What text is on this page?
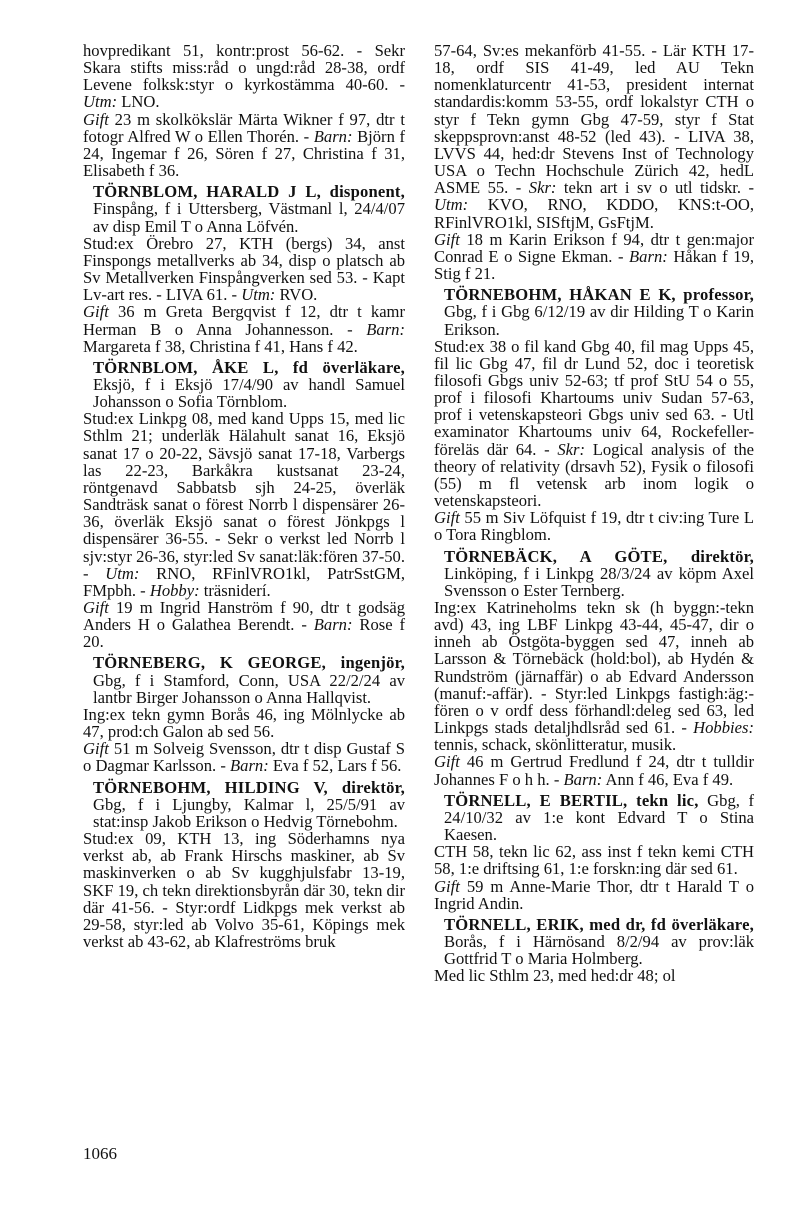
hovpredikant 51, kontr:prost 56-62. - Sekr Skara stifts miss:råd o ungd:råd 28-38, ordf Levene folksk:styr o kyrkostämma 40-60. - Utm: LNO.

Gift 23 m skolkökslär Märta Wikner f 97, dtr t fotogr Alfred W o Ellen Thorén. - Barn: Björn f 24, Ingemar f 26, Sören f 27, Christina f 31, Elisabeth f 36.

TÖRNBLOM, HARALD J L, disponent, Finspång, f i Uttersberg, Västmanl l, 24/4/07 av disp Emil T o Anna Löfvén.

Stud:ex Örebro 27, KTH (bergs) 34, anst Finspongs metallverks ab 34, disp o platsch ab Sv Metallverken Finspångverken sed 53. - Kapt Lv-art res. - LIVA 61. - Utm: RVO.

Gift 36 m Greta Bergqvist f 12, dtr t kamr Herman B o Anna Johannesson. - Barn: Margareta f 38, Christina f 41, Hans f 42.

TÖRNBLOM, ÅKE L, fd överläkare, Eksjö, f i Eksjö 17/4/90 av handl Samuel Johansson o Sofia Törnblom.

Stud:ex Linkpg 08, med kand Upps 15, med lic Sthlm 21; underläk Hälahult sanat 16, Eksjö sanat 17 o 20-22, Sävsjö sanat 17-18, Varbergs las 22-23, Barkåkra kustsanat 23-24, röntgenavd Sabbatsb sjh 24-25, överläk Sandträsk sanat o förest Norrb l dispensärer 26-36, överläk Eksjö sanat o förest Jönkpgs l dispensärer 36-55. - Sekr o verkst led Norrb l sjv:styr 26-36, styr:led Sv sanat:läk:fören 37-50. - Utm: RNO, RFinlVRO1kl, PatrSstGM, FMpbh. - Hobby: träsniderí.

Gift 19 m Ingrid Hanström f 90, dtr t godsäg Anders H o Galathea Berendt. - Barn: Rose f 20.

TÖRNEBERG, K GEORGE, ingenjör, Gbg, f i Stamford, Conn, USA 22/2/24 av lantbr Birger Johansson o Anna Hallqvist.

Ing:ex tekn gymn Borås 46, ing Mölnlycke ab 47, prod:ch Galon ab sed 56.

Gift 51 m Solveig Svensson, dtr t disp Gustaf S o Dagmar Karlsson. - Barn: Eva f 52, Lars f 56.

TÖRNEBOHM, HILDING V, direktör, Gbg, f i Ljungby, Kalmar l, 25/5/91 av stat:insp Jakob Erikson o Hedvig Törnebohm.

Stud:ex 09, KTH 13, ing Söderhamns nya verkst ab, ab Frank Hirschs maskiner, ab Sv maskinverken o ab Sv kugghjulsfabr 13-19, SKF 19, ch tekn direktionsbyrån där 30, tekn dir där 41-56. - Styr:ordf Lidkpgs mek verkst ab 29-58, styr:led ab Volvo 35-61, Köpings mek verkst ab 43-62, ab Klafreströms bruk

57-64, Sv:es mekanförb 41-55. - Lär KTH 17-18, ordf SIS 41-49, led AU Tekn nomenklaturcentr 41-53, president internat standardis:komm 53-55, ordf lokalstyr CTH o styr f Tekn gymn Gbg 47-59, styr f Stat skeppsprovn:anst 48-52 (led 43). - LIVA 38, LVVS 44, hed:dr Stevens Inst of Technology USA o Techn Hochschule Zürich 42, hedL ASME 55. - Skr: tekn art i sv o utl tidskr. - Utm: KVO, RNO, KDDO, KNS:t-OO, RFinlVRO1kl, SISftjM, GsFtjM.

Gift 18 m Karin Erikson f 94, dtr t gen:major Conrad E o Signe Ekman. - Barn: Håkan f 19, Stig f 21.

TÖRNEBOHM, HÅKAN E K, professor, Gbg, f i Gbg 6/12/19 av dir Hilding T o Karin Erikson.

Stud:ex 38 o fil kand Gbg 40, fil mag Upps 45, fil lic Gbg 47, fil dr Lund 52, doc i teoretisk filosofi Gbgs univ 52-63; tf prof StU 54 o 55, prof i filosofi Khartoums univ Sudan 57-63, prof i vetenskapsteori Gbgs univ sed 63. - Utl examinator Khartoums univ 64, Rockefeller-föreläs där 64. - Skr: Logical analysis of the theory of relativity (drsavh 52), Fysik o filosofi (55) m fl vetensk arb inom logik o vetenskapsteori.

Gift 55 m Siv Löfquist f 19, dtr t civ:ing Ture L o Tora Ringblom.

TÖRNEBÄCK, A GÖTE, direktör, Linköping, f i Linkpg 28/3/24 av köpm Axel Svensson o Ester Ternberg.

Ing:ex Katrineholms tekn sk (h byggn:-tekn avd) 43, ing LBF Linkpg 43-44, 45-47, dir o inneh ab Östgöta-byggen sed 47, inneh ab Larsson & Törnebäck (hold:bol), ab Hydén & Rundström (järnaffär) o ab Edvard Andersson (manuf:-affär). - Styr:led Linkpgs fastigh:äg:-fören o v ordf dess förhandl:deleg sed 63, led Linkpgs stads detaljhdlsråd sed 61. - Hobbies: tennis, schack, skönlitteratur, musik.

Gift 46 m Gertrud Fredlund f 24, dtr t tulldir Johannes F o h h. - Barn: Ann f 46, Eva f 49.

TÖRNELL, E BERTIL, tekn lic, Gbg, f 24/10/32 av 1:e kont Edvard T o Stina Kaesen.

CTH 58, tekn lic 62, ass inst f tekn kemi CTH 58, 1:e driftsing 61, 1:e forskn:ing där sed 61.

Gift 59 m Anne-Marie Thor, dtr t Harald T o Ingrid Andin.

TÖRNELL, ERIK, med dr, fd överläkare, Borås, f i Härnösand 8/2/94 av prov:läk Gottfrid T o Maria Holmberg.

Med lic Sthlm 23, med hed:dr 48; ol

1066
